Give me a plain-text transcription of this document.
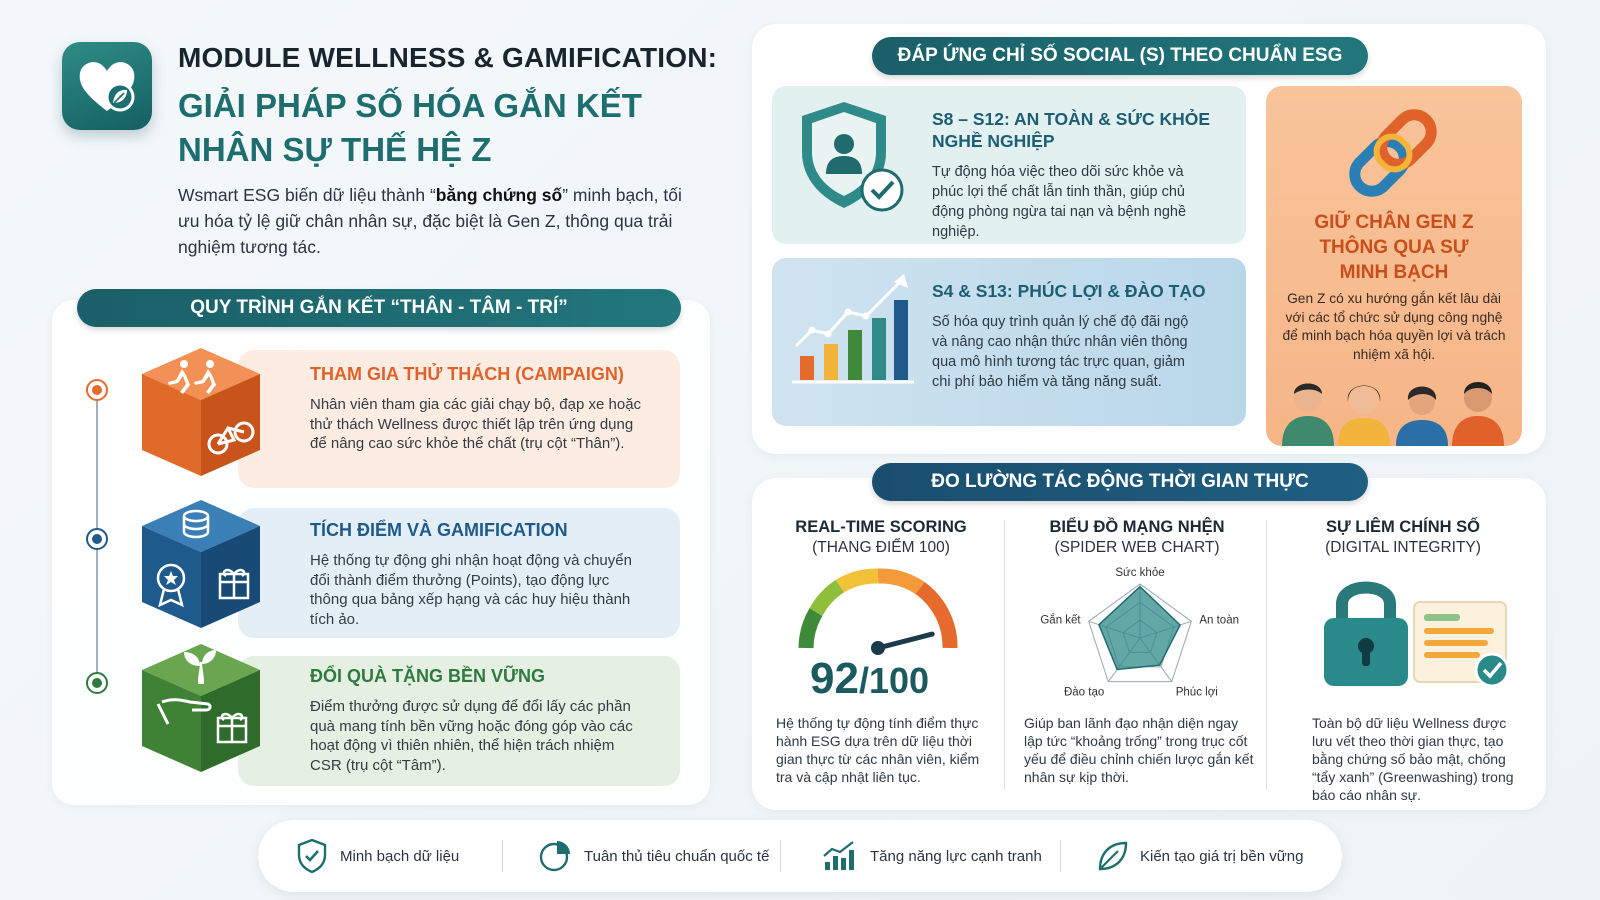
MODULE WELLNESS & GAMIFICATION:
GIẢI PHÁP SỐ HÓA GẮN KẾT
NHÂN SỰ THẾ HỆ Z
Wsmart ESG biến dữ liệu thành “bằng chứng số” minh bạch, tối ưu hóa tỷ lệ giữ chân nhân sự, đặc biệt là Gen Z, thông qua trải nghiệm tương tác.
QUY TRÌNH GẮN KẾT “THÂN - TÂM - TRÍ”
THAM GIA THỬ THÁCH (CAMPAIGN)
Nhân viên tham gia các giải chạy bộ, đạp xe hoặc thử thách Wellness được thiết lập trên ứng dụng để nâng cao sức khỏe thể chất (trụ cột “Thân”).
TÍCH ĐIỂM VÀ GAMIFICATION
Hệ thống tự động ghi nhận hoạt động và chuyển đổi thành điểm thưởng (Points), tạo động lực thông qua bảng xếp hạng và các huy hiệu thành tích ảo.
ĐỔI QUÀ TẶNG BỀN VỮNG
Điểm thưởng được sử dụng để đổi lấy các phần quà mang tính bền vững hoặc đóng góp vào các hoạt động vì thiên nhiên, thể hiện trách nhiệm CSR (trụ cột “Tâm”).
ĐÁP ỨNG CHỈ SỐ SOCIAL (S) THEO CHUẨN ESG
S8 – S12: AN TOÀN & SỨC KHỎE
NGHỀ NGHIỆP
Tự động hóa việc theo dõi sức khỏe và phúc lợi thể chất lẫn tinh thần, giúp chủ động phòng ngừa tai nạn và bệnh nghề nghiệp.
S4 & S13: PHÚC LỢI & ĐÀO TẠO
Số hóa quy trình quản lý chế độ đãi ngộ và nâng cao nhận thức nhân viên thông qua mô hình tương tác trực quan, giảm chi phí bảo hiểm và tăng năng suất.
GIỮ CHÂN GEN Z
THÔNG QUA SỰ
MINH BẠCH
Gen Z có xu hướng gắn kết lâu dài với các tổ chức sử dụng công nghệ để minh bạch hóa quyền lợi và trách nhiệm xã hội.
ĐO LƯỜNG TÁC ĐỘNG THỜI GIAN THỰC
REAL-TIME SCORING
(THANG ĐIỂM 100)
92/100
Hệ thống tự động tính điểm thực hành ESG dựa trên dữ liệu thời gian thực từ các nhân viên, kiểm tra và cập nhật liên tục.
BIỂU ĐỒ MẠNG NHỆN
(SPIDER WEB CHART)
Sức khỏe
An toàn
Phúc lợi
Đào tạo
Gắn kết
Giúp ban lãnh đạo nhận diện ngay lập tức “khoảng trống” trong trục cốt yếu để điều chỉnh chiến lược gắn kết nhân sự kịp thời.
SỰ LIÊM CHÍNH SỐ
(DIGITAL INTEGRITY)
Toàn bộ dữ liệu Wellness được lưu vết theo thời gian thực, tạo bằng chứng số bảo mật, chống “tẩy xanh” (Greenwashing) trong báo cáo nhân sự.
Minh bạch dữ liệu	Tuân thủ tiêu chuẩn quốc tế	Tăng năng lực cạnh tranh	Kiến tạo giá trị bền vững
